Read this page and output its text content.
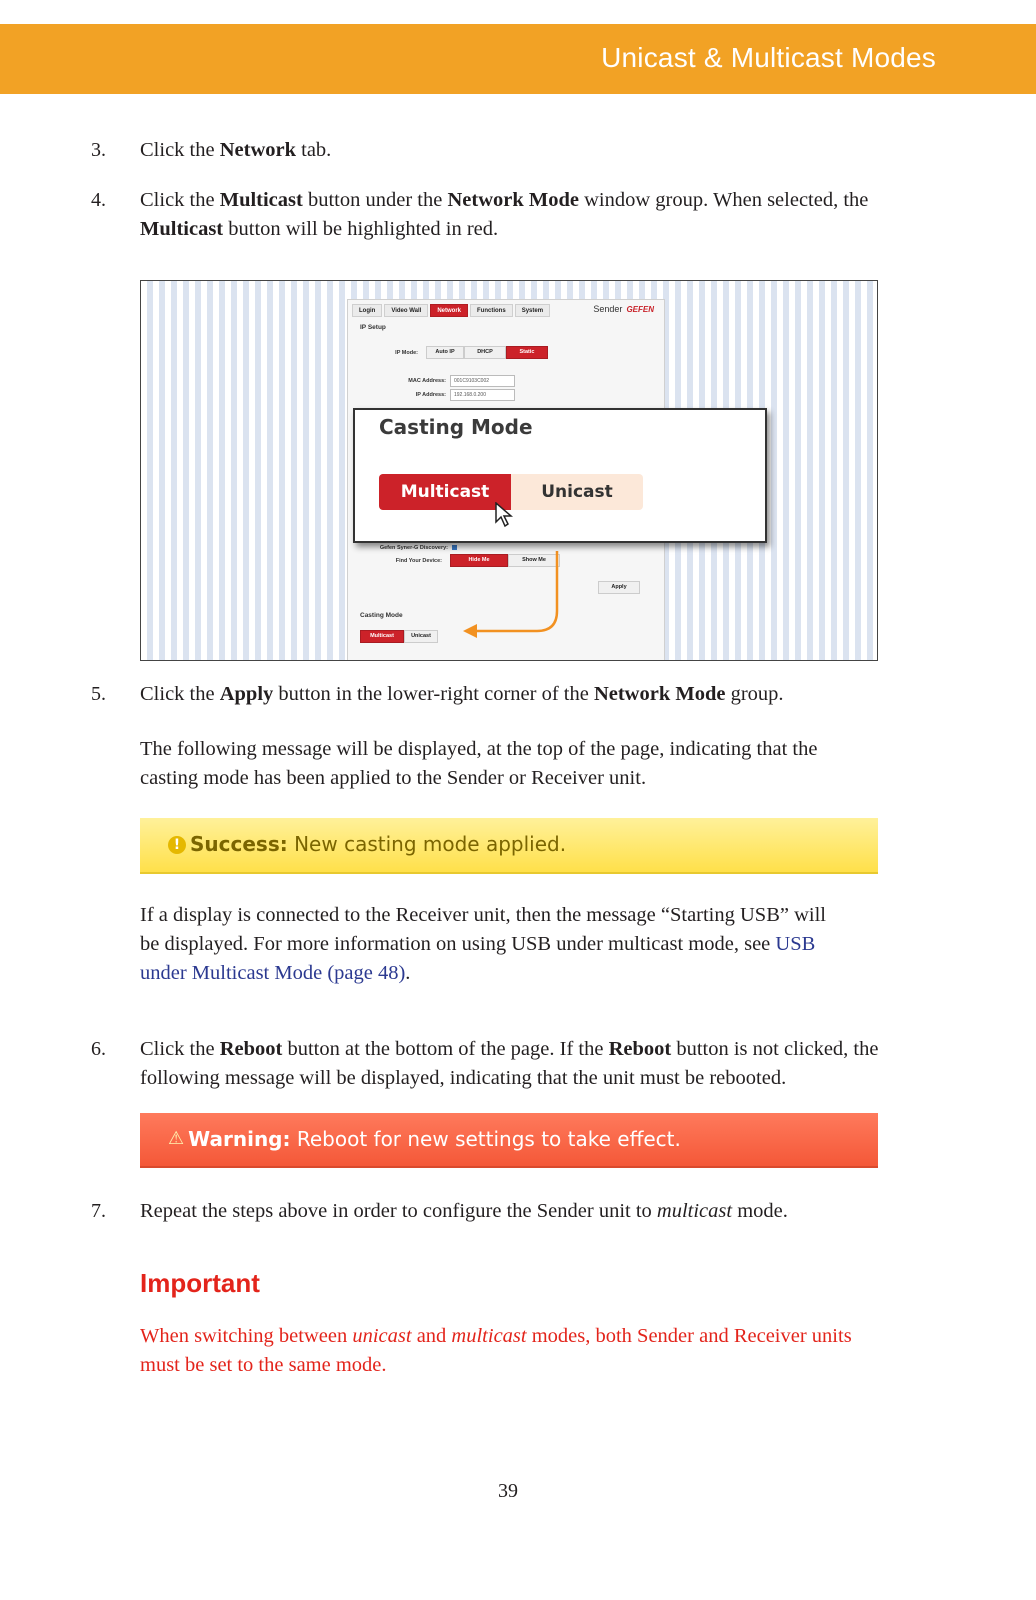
Unicast & Multicast Modes
3. Click the Network tab.
4. Click the Multicast button under the Network Mode window group. When selected, the Multicast button will be highlighted in red.
Login	Video Wall	Network	Functions	System	Sender GEFEN
IP Setup
IP Mode:	Auto IP	DHCP	Static
MAC Address:	001C9103C002
IP Address:	192.168.0.200
Gefen Syner-G Discovery:
Find Your Device:	Hide Me	Show Me
Apply
Casting Mode
Multicast	Unicast
Casting Mode
Multicast	Unicast
5. Click the Apply button in the lower-right corner of the Network Mode group.
The following message will be displayed, at the top of the page, indicating that the casting mode has been applied to the Sender or Receiver unit.
! Success: New casting mode applied.
If a display is connected to the Receiver unit, then the message “Starting USB” will be displayed. For more information on using USB under multicast mode, see USB under Multicast Mode (page 48).
6. Click the Reboot button at the bottom of the page. If the Reboot button is not clicked, the following message will be displayed, indicating that the unit must be rebooted.
⚠ Warning: Reboot for new settings to take effect.
7. Repeat the steps above in order to configure the Sender unit to multicast mode.
Important
When switching between unicast and multicast modes, both Sender and Receiver units must be set to the same mode.
39
